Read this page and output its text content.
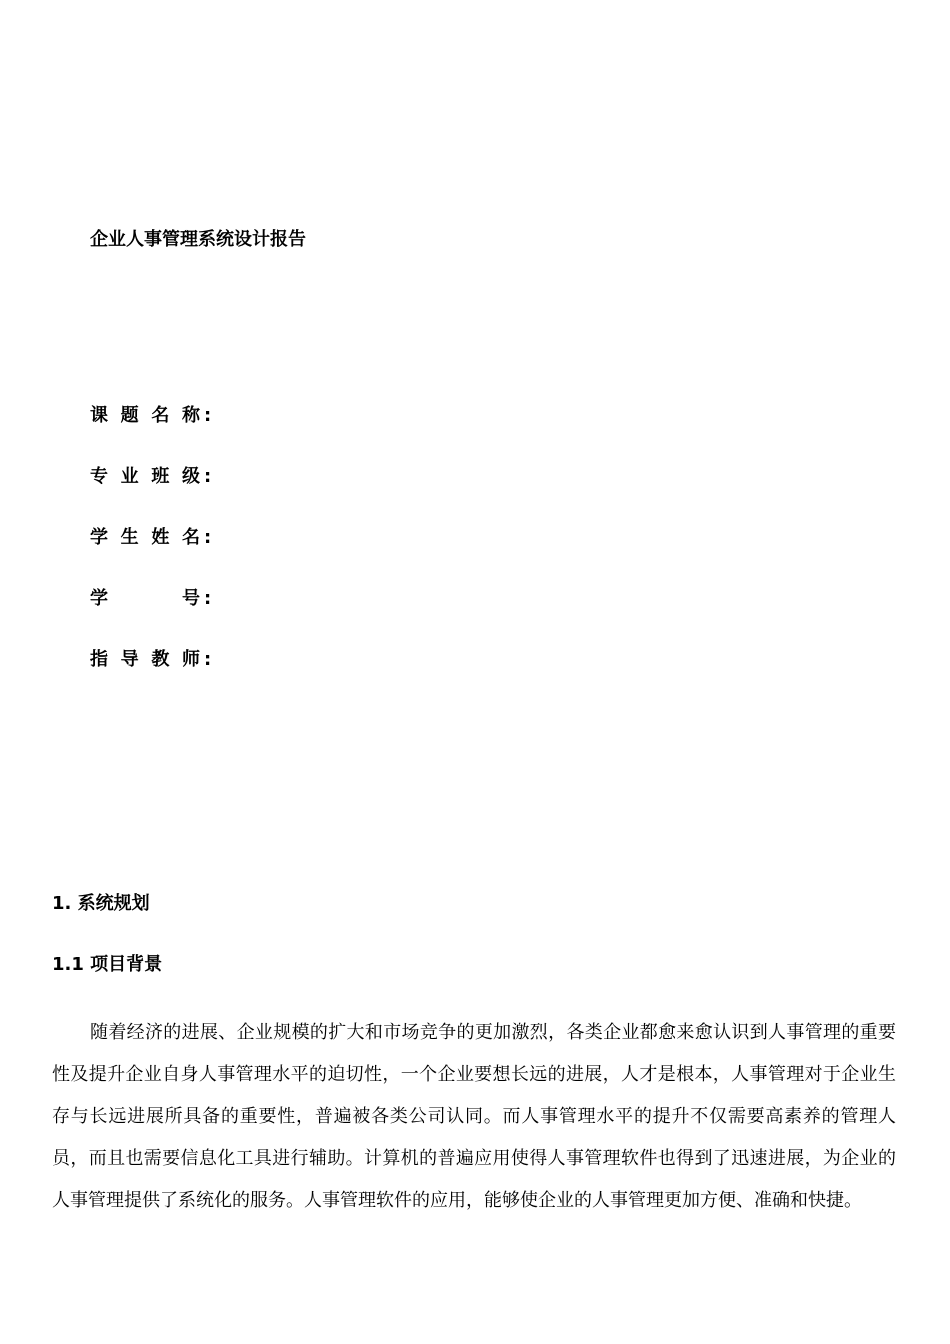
企业人事管理系统设计报告
课题名称 :
专业班级 :
学生姓名 :
学号 :
指导教师 :
1. 系统规划
1.1 项目背景

随着经济的进展、企业规模的扩大和市场竞争的更加激烈，各类企业都愈来愈认识到人事管理的重要性及提升企业自身人事管理水平的迫切性，一个企业要想长远的进展，人才是根本，人事管理对于企业生存与长远进展所具备的重要性，普遍被各类公司认同。而人事管理水平的提升不仅需要高素养的管理人员，而且也需要信息化工具进行辅助。计算机的普遍应用使得人事管理软件也得到了迅速进展，为企业的人事管理提供了系统化的服务。人事管理软件的应用，能够使企业的人事管理更加方便、准确和快捷。
